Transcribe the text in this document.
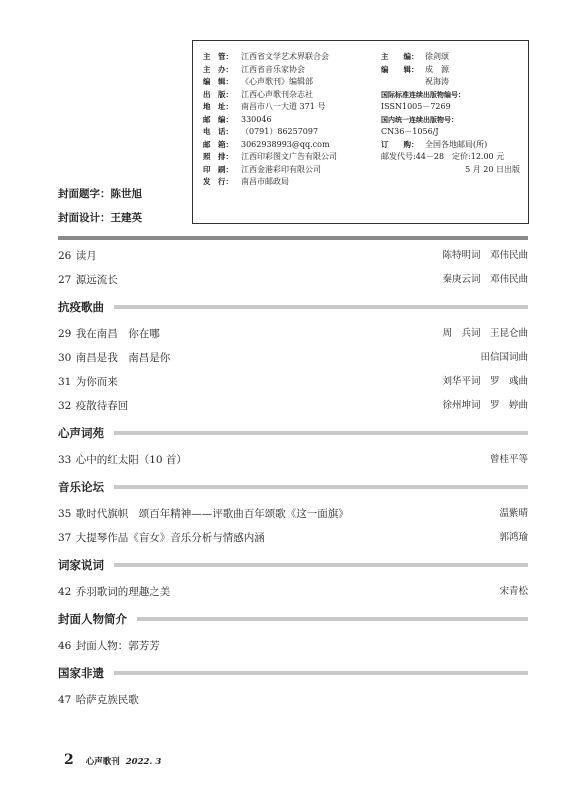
主　管：	江西省文学艺术界联合会
主　办：	江西省音乐家协会
编　辑：	《心声歌刊》编辑部
出　版：	江西心声歌刊杂志社
地　址：	南昌市八一大道 371 号
邮　编：	330046
电　话：	（0791）86257097
邮　箱：	3062938993@qq.com
照　排：	江西印彩图文广告有限公司
印　刷：	江西金港彩印有限公司
发　行：	南昌市邮政局
主　　编： 徐剑颂
编　　辑： 成　源
祝海涛
国际标准连续出版物编号：
ISSN1005－7269
国内统一连续出版物号：
CN36－1056/J
订　　购： 全国各地邮局(所)
邮发代号:44－28　定价:12.00 元
5 月 20 日出版
封面题字：陈世旭
封面设计：王建英
26 读月	陈特明词　邓伟民曲
27 源远流长	秦庚云词　邓伟民曲
抗疫歌曲
29 我在南昌　你在哪	周　兵词　王昆仑曲
30 南昌是我　南昌是你	田信国词曲
31 为你而来	刘华平词　罗　彧曲
32 疫散待春回	徐州坤词　罗　婷曲
心声词苑
33 心中的红太阳（10 首）	曾桂平等
音乐论坛
35 歌时代旗帜　颂百年精神——评歌曲百年颂歌《这一面旗》	温紫晴
37 大提琴作品《盲女》音乐分析与情感内涵	郭鸿瑜
词家说词
42 乔羽歌词的理趣之美	宋青松
封面人物简介
46 封面人物：郭芳芳
国家非遗
47 哈萨克族民歌
2 心声歌刊 2022. 3
